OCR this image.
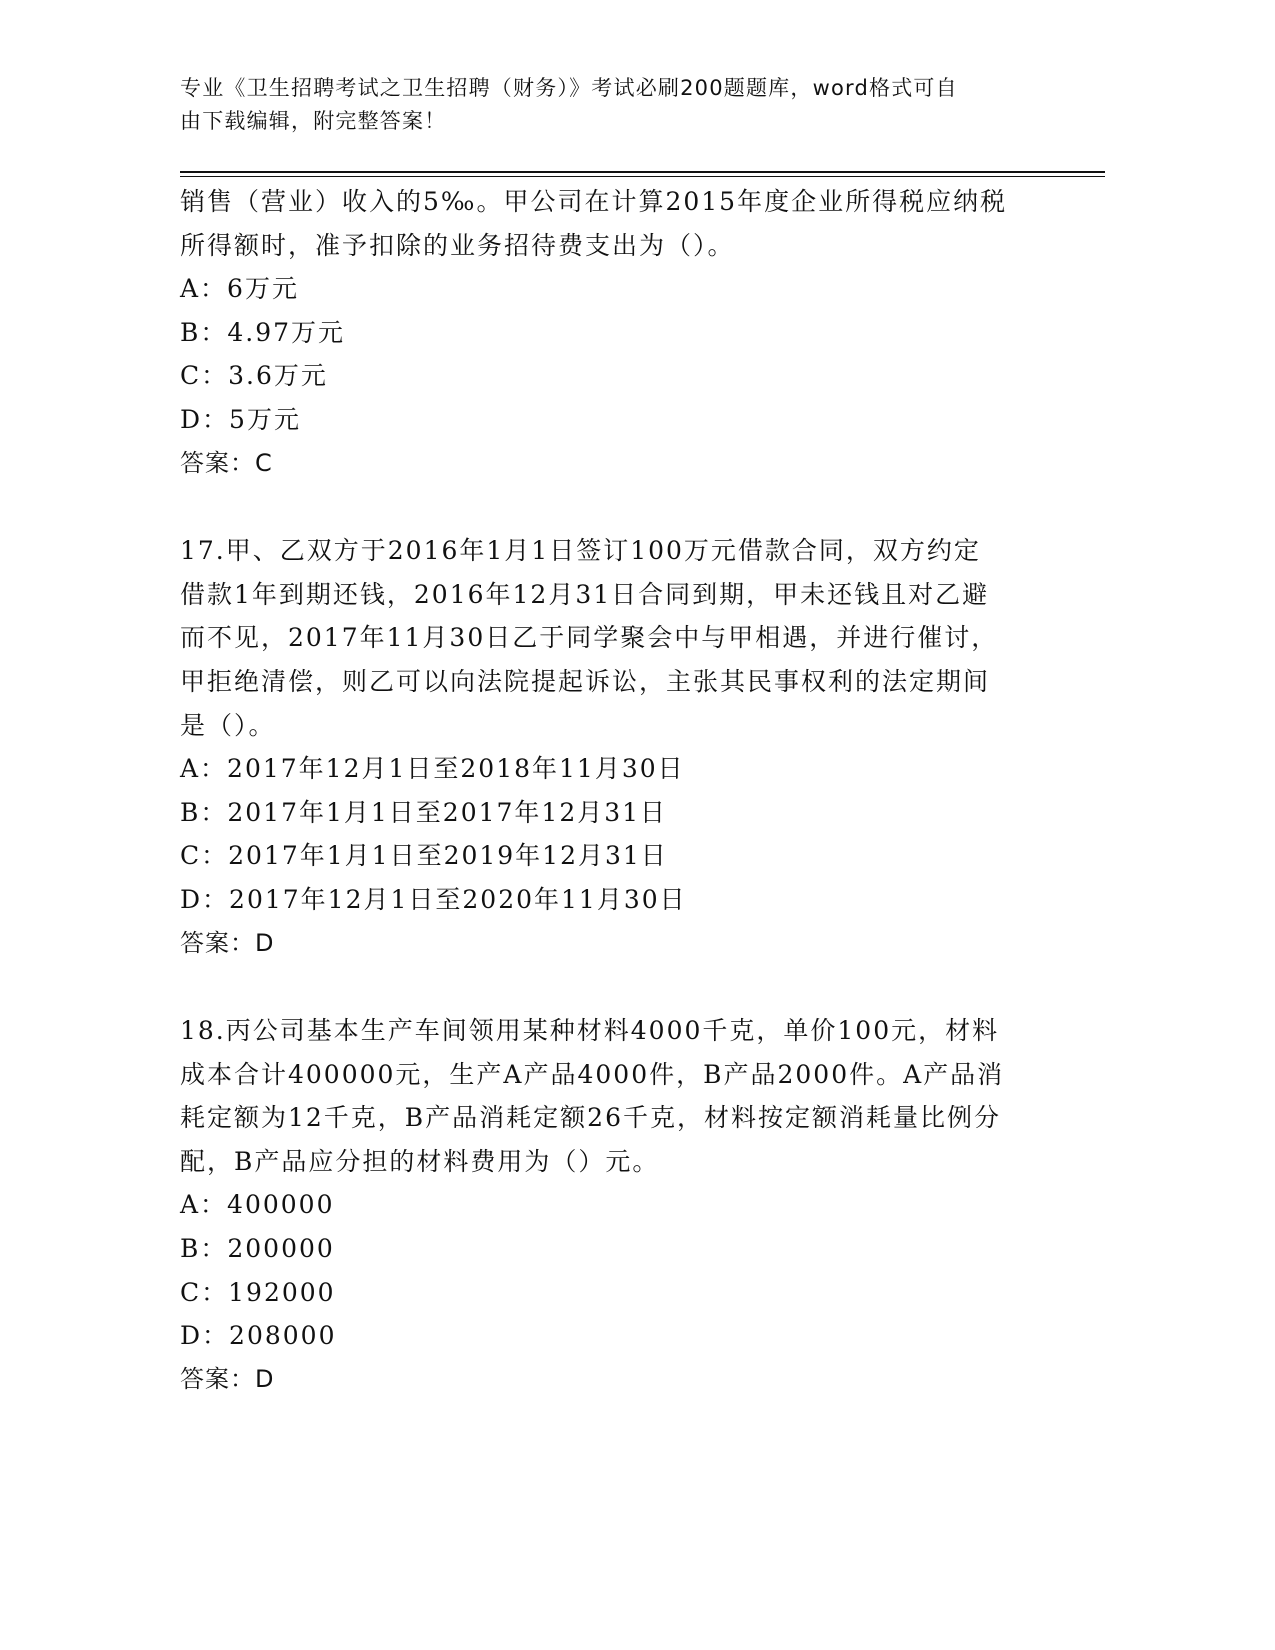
专业《卫生招聘考试之卫生招聘（财务）》考试必刷200题题库，word格式可自
由下载编辑，附完整答案！
销售（营业）收入的5‰。甲公司在计算2015年度企业所得税应纳税
所得额时，准予扣除的业务招待费支出为（）。
A：6万元
B：4.97万元
C：3.6万元
D：5万元
答案：C
17.甲、乙双方于2016年1月1日签订100万元借款合同，双方约定
借款1年到期还钱，2016年12月31日合同到期，甲未还钱且对乙避
而不见，2017年11月30日乙于同学聚会中与甲相遇，并进行催讨，
甲拒绝清偿，则乙可以向法院提起诉讼，主张其民事权利的法定期间
是（）。
A：2017年12月1日至2018年11月30日
B：2017年1月1日至2017年12月31日
C：2017年1月1日至2019年12月31日
D：2017年12月1日至2020年11月30日
答案：D
18.丙公司基本生产车间领用某种材料4000千克，单价100元，材料
成本合计400000元，生产A产品4000件，B产品2000件。A产品消
耗定额为12千克，B产品消耗定额26千克，材料按定额消耗量比例分
配，B产品应分担的材料费用为（）元。
A：400000
B：200000
C：192000
D：208000
答案：D
